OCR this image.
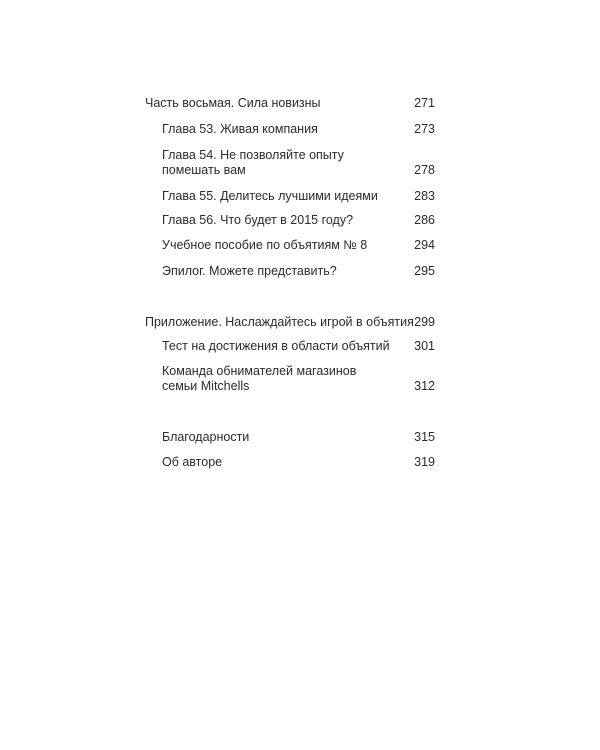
Часть восьмая. Сила новизны	271
Глава 53. Живая компания	273
Глава 54. Не позволяйте опыту помешать вам	278
Глава 55. Делитесь лучшими идеями	283
Глава 56. Что будет в 2015 году?	286
Учебное пособие по объятиям № 8	294
Эпилог. Можете представить?	295
Приложение. Наслаждайтесь игрой в объятия 299
Тест на достижения в области объятий 301
Команда обнимателей магазинов семьи Mitchells	312
Благодарности	315
Об авторе	319
